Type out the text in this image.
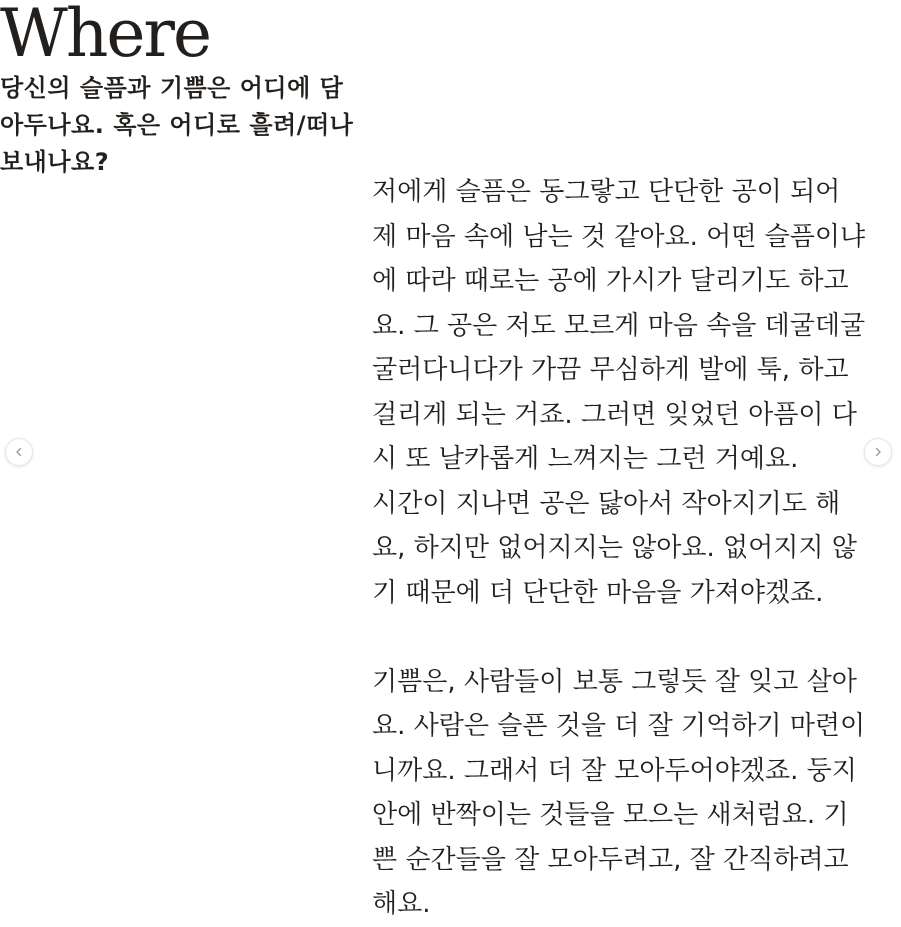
Where
당신의 슬픔과 기쁨은 어디에 담
아두나요. 혹은 어디로 흘려/떠나
보내나요?
저에게 슬픔은 동그랗고 단단한 공이 되어
제 마음 속에 남는 것 같아요. 어떤 슬픔이냐
에 따라 때로는 공에 가시가 달리기도 하고
요. 그 공은 저도 모르게 마음 속을 데굴데굴
굴러다니다가 가끔 무심하게 발에 툭, 하고
걸리게 되는 거죠. 그러면 잊었던 아픔이 다
시 또 날카롭게 느껴지는 그런 거예요.
시간이 지나면 공은 닳아서 작아지기도 해
요, 하지만 없어지지는 않아요. 없어지지 않
기 때문에 더 단단한 마음을 가져야겠죠.
기쁨은, 사람들이 보통 그렇듯 잘 잊고 살아
요. 사람은 슬픈 것을 더 잘 기억하기 마련이
니까요. 그래서 더 잘 모아두어야겠죠. 둥지
안에 반짝이는 것들을 모으는 새처럼요. 기
쁜 순간들을 잘 모아두려고, 잘 간직하려고
해요.
